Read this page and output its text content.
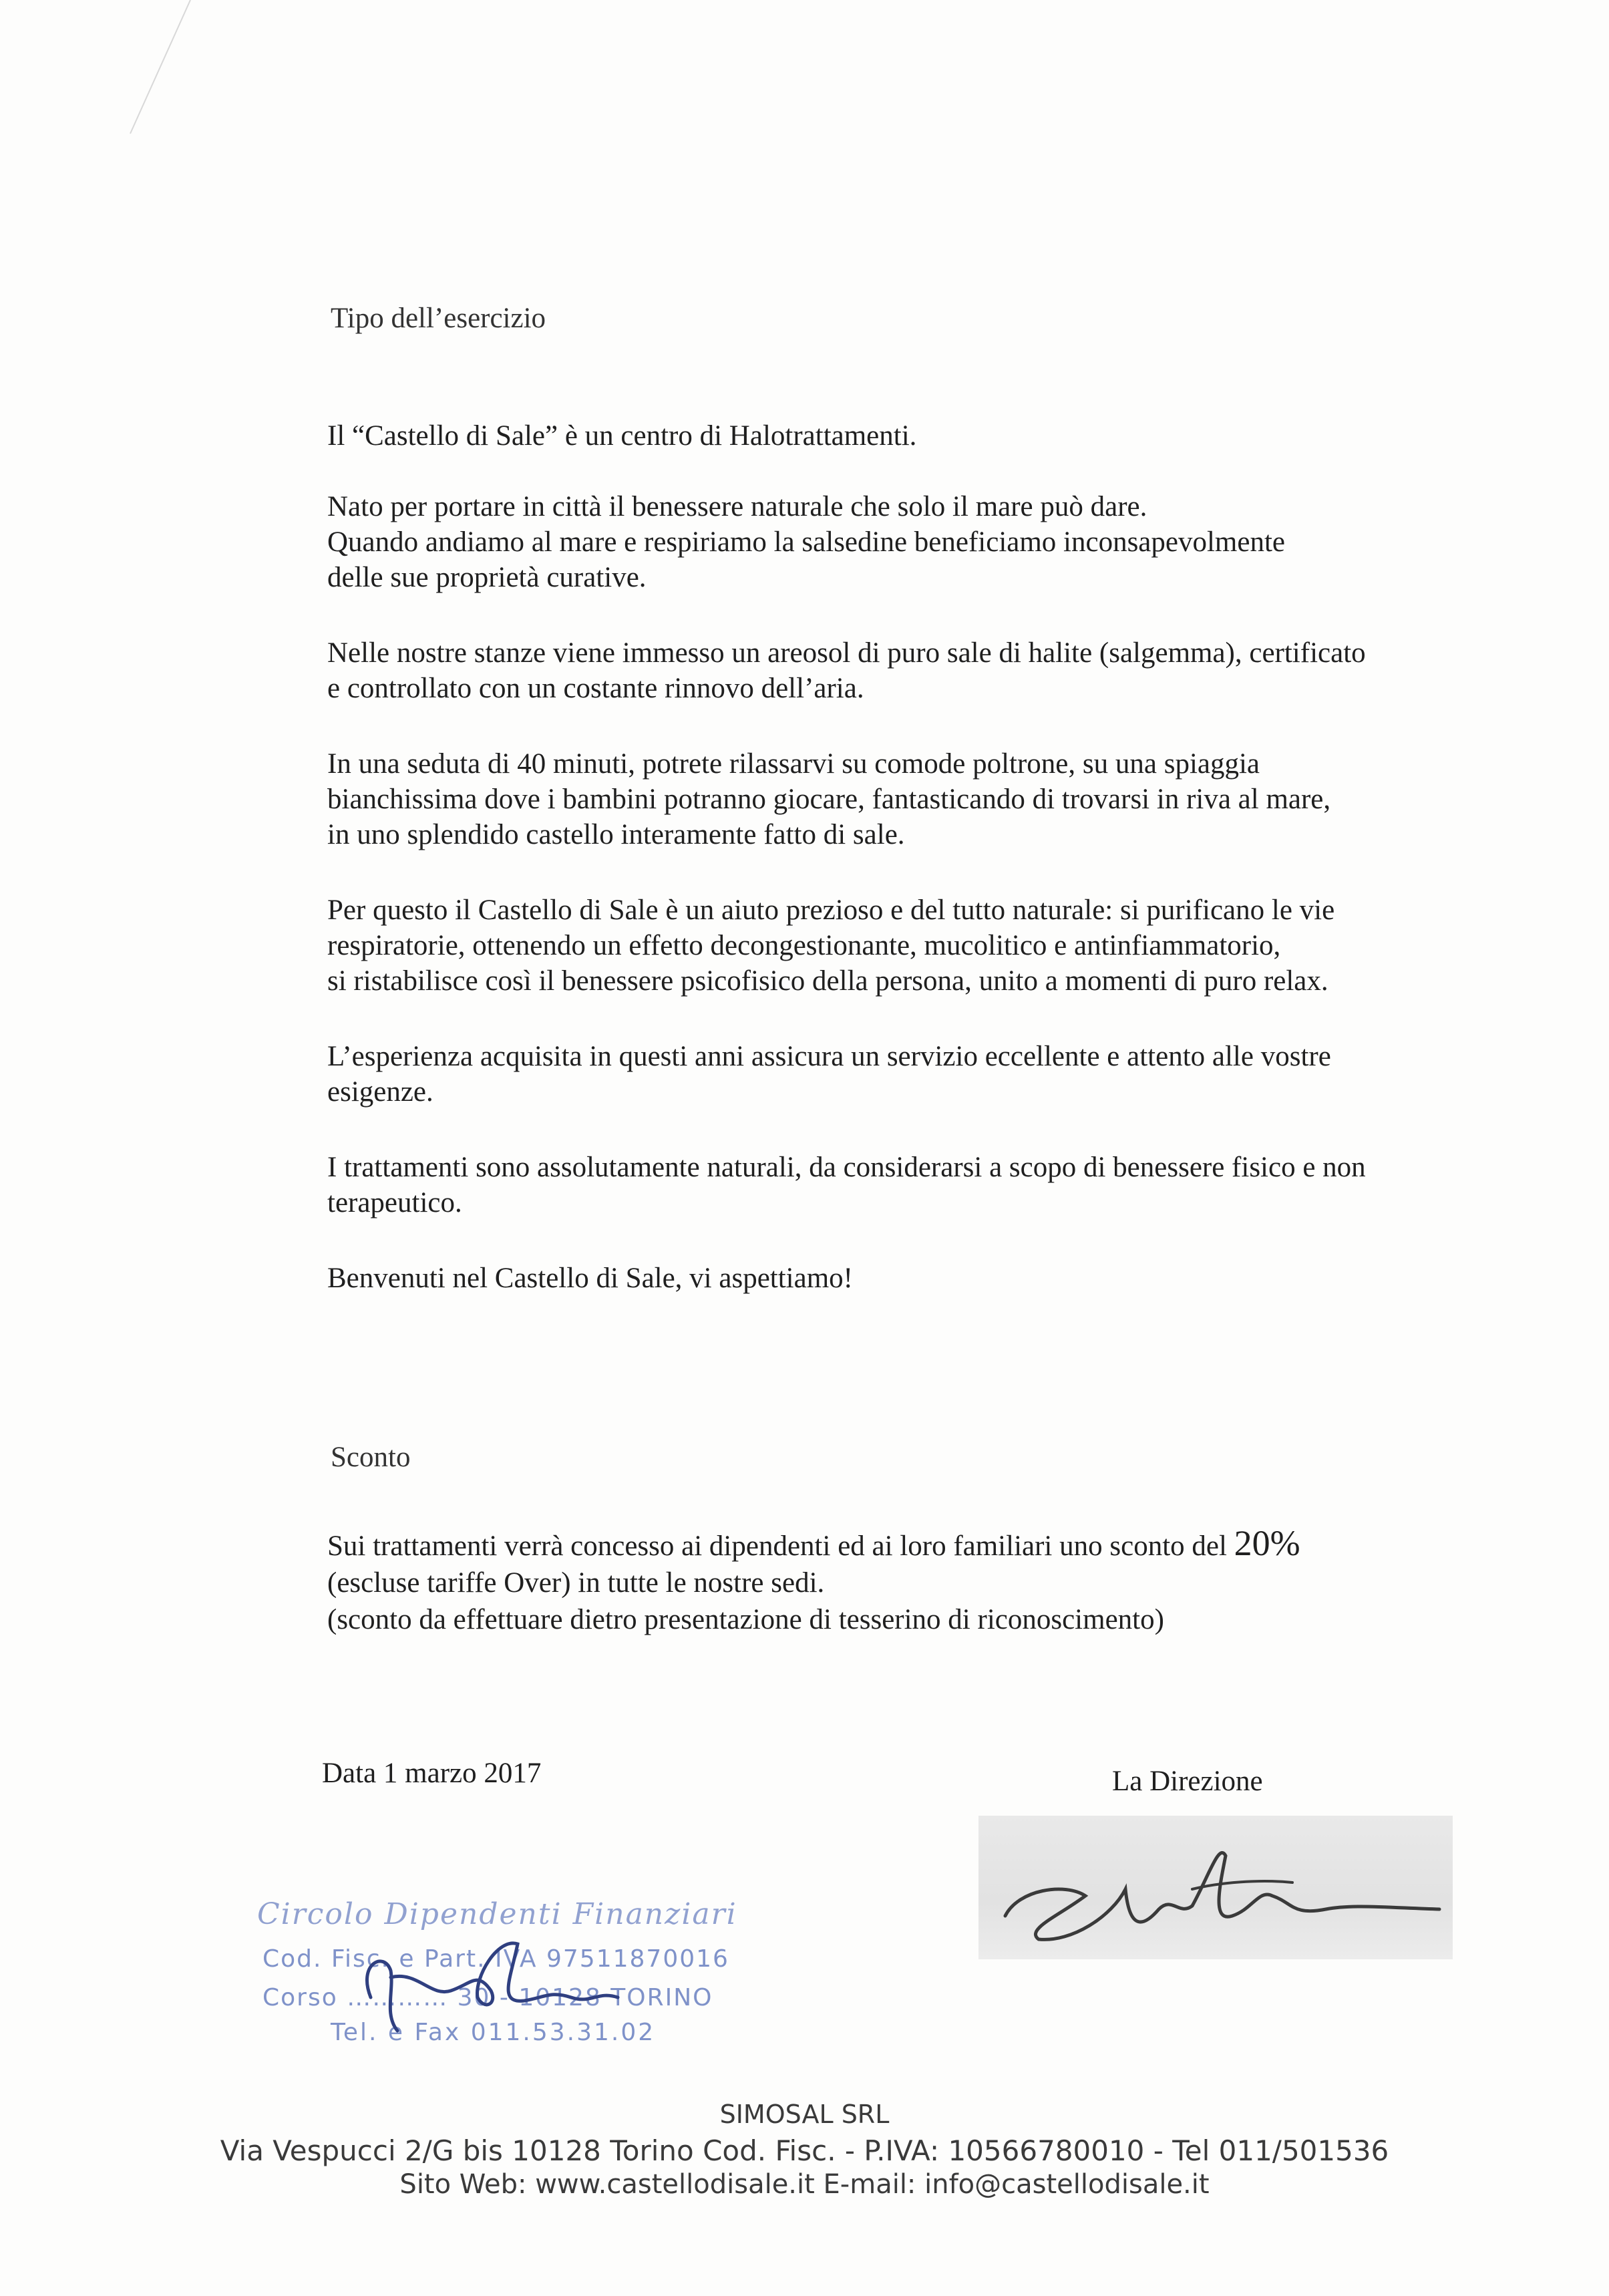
Tipo dell’esercizio

Il “Castello di Sale” è un centro di Halotrattamenti.

Nato per portare in città il benessere naturale che solo il mare può dare.
Quando andiamo al mare e respiriamo la salsedine beneficiamo inconsapevolmente
delle sue proprietà curative.

Nelle nostre stanze viene immesso un areosol di puro sale di halite (salgemma), certificato
e controllato con un costante rinnovo dell’aria.

In una seduta di 40 minuti, potrete rilassarvi su comode poltrone, su una spiaggia
bianchissima dove i bambini potranno giocare, fantasticando di trovarsi in riva al mare,
in uno splendido castello interamente fatto di sale.

Per questo il Castello di Sale è un aiuto prezioso e del tutto naturale: si purificano le vie
respiratorie, ottenendo un effetto decongestionante, mucolitico e antinfiammatorio,
si ristabilisce così il benessere psicofisico della persona, unito a momenti di puro relax.

L’esperienza acquisita in questi anni assicura un servizio eccellente e attento alle vostre
esigenze.

I trattamenti sono assolutamente naturali, da considerarsi a scopo di benessere fisico e non
terapeutico.

Benvenuti nel Castello di Sale, vi aspettiamo!

Sconto

Sui trattamenti verrà concesso ai dipendenti ed ai loro familiari uno sconto del 20%
(escluse tariffe Over) in tutte le nostre sedi.
(sconto da effettuare dietro presentazione di tesserino di riconoscimento)

Data 1 marzo 2017	La Direzione
Circolo Dipendenti Finanziari
Cod. Fisc. e Part. IVA 97511870016
Corso ………… 30 - 10128 TORINO
Tel. e Fax 011.53.31.02
SIMOSAL SRL
Via Vespucci 2/G bis 10128 Torino Cod. Fisc. - P.IVA: 10566780010 - Tel 011/501536
Sito Web: www.castellodisale.it E-mail: info@castellodisale.it
